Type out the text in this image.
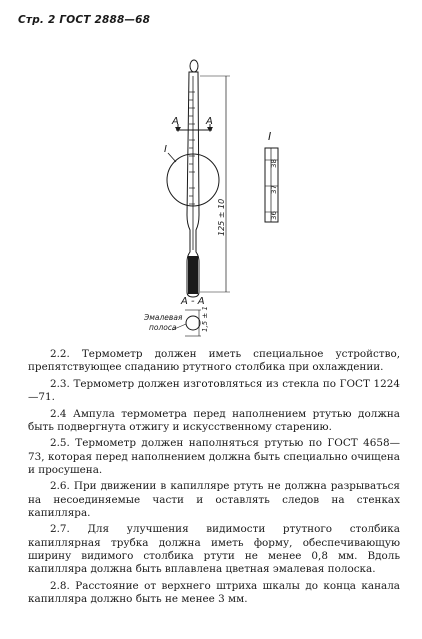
Стр. 2 ГОСТ 2888—68
А	А
I
I
125 ± 10
38
37
36
А - А
Эмалевая
полоса	1,5 ± 1

2.2. Термометр должен иметь специальное устройство, препятствующее спаданию ртутного столбика при охлаждении.

2.3. Термометр должен изготовляться из стекла по ГОСТ 1224—71.

2.4 Ампула термометра перед наполнением ртутью должна быть подвергнута отжигу и искусственному старению.

2.5. Термометр должен наполняться ртутью по ГОСТ 4658—73, которая перед наполнением должна быть специально очищена и просушена.

2.6. При движении в капилляре ртуть не должна разрываться на несоединяемые части и оставлять следов на стенках капилляра.

2.7. Для улучшения видимости ртутного столбика капиллярная трубка должна иметь форму, обеспечивающую ширину видимого столбика ртути не менее 0,8 мм. Вдоль капилляра должна быть вплавлена цветная эмалевая полоска.

2.8. Расстояние от верхнего штриха шкалы до конца канала капилляра должно быть не менее 3 мм.
